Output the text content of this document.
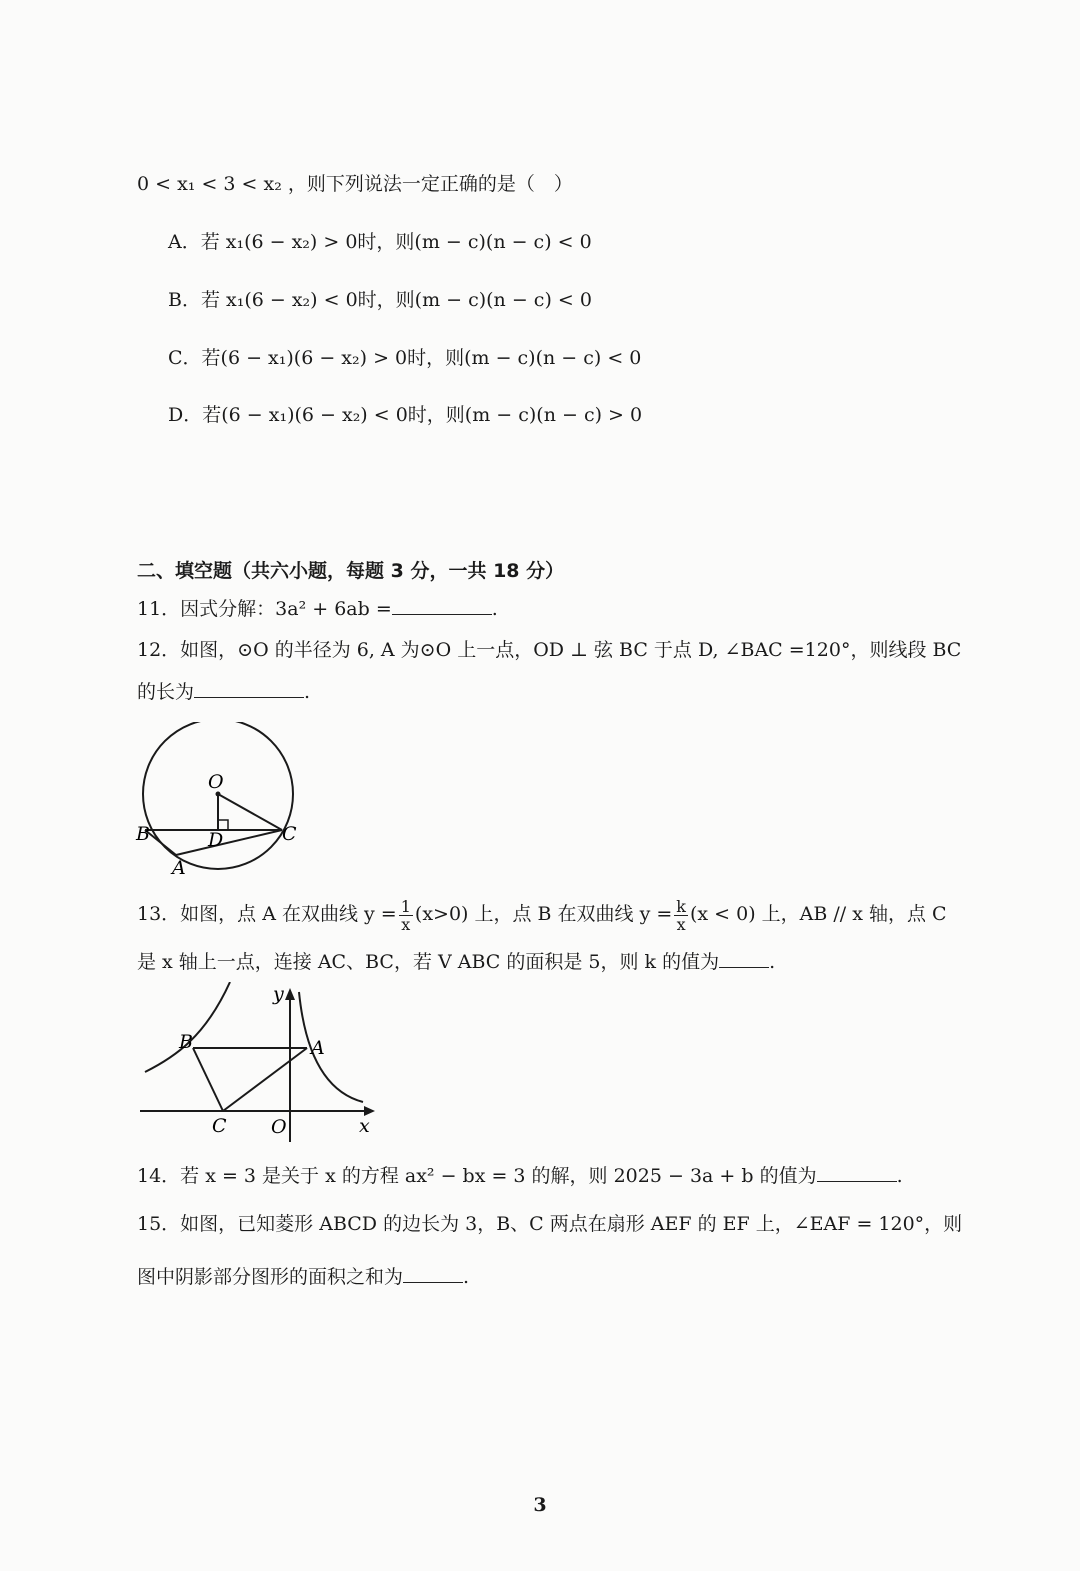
0 < x₁ < 3 < x₂ ，则下列说法一定正确的是（　）
A．若 x₁(6 − x₂) > 0时，则(m − c)(n − c) < 0
B．若 x₁(6 − x₂) < 0时，则(m − c)(n − c) < 0
C．若(6 − x₁)(6 − x₂) > 0时，则(m − c)(n − c) < 0
D．若(6 − x₁)(6 − x₂) < 0时，则(m − c)(n − c) > 0
二、填空题（共六小题，每题 3 分，一共 18 分）
11．因式分解：3a² + 6ab =	.
12．如图，⊙O 的半径为 6, A 为⊙O 上一点，OD ⊥ 弦 BC 于点 D, ∠BAC =120°，则线段 BC
的长为	.
O
B	D	C
A
13．如图，点 A 在双曲线 $y = \frac{1}{x} (x>0)$ 上，点 B 在双曲线 $y = \frac{k}{x} (x < 0)$ 上，AB // x 轴，点 C
是 x 轴上一点，连接 AC、BC，若 V ABC 的面积是 5，则 k 的值为	.
y
B	A
C O	x
14．若 x = 3 是关于 x 的方程 ax² − bx = 3 的解，则 2025 − 3a + b 的值为	.
15．如图，已知菱形 ABCD 的边长为 3，B、C 两点在扇形 AEF 的 EF 上，∠EAF = 120°，则
图中阴影部分图形的面积之和为	.
3
